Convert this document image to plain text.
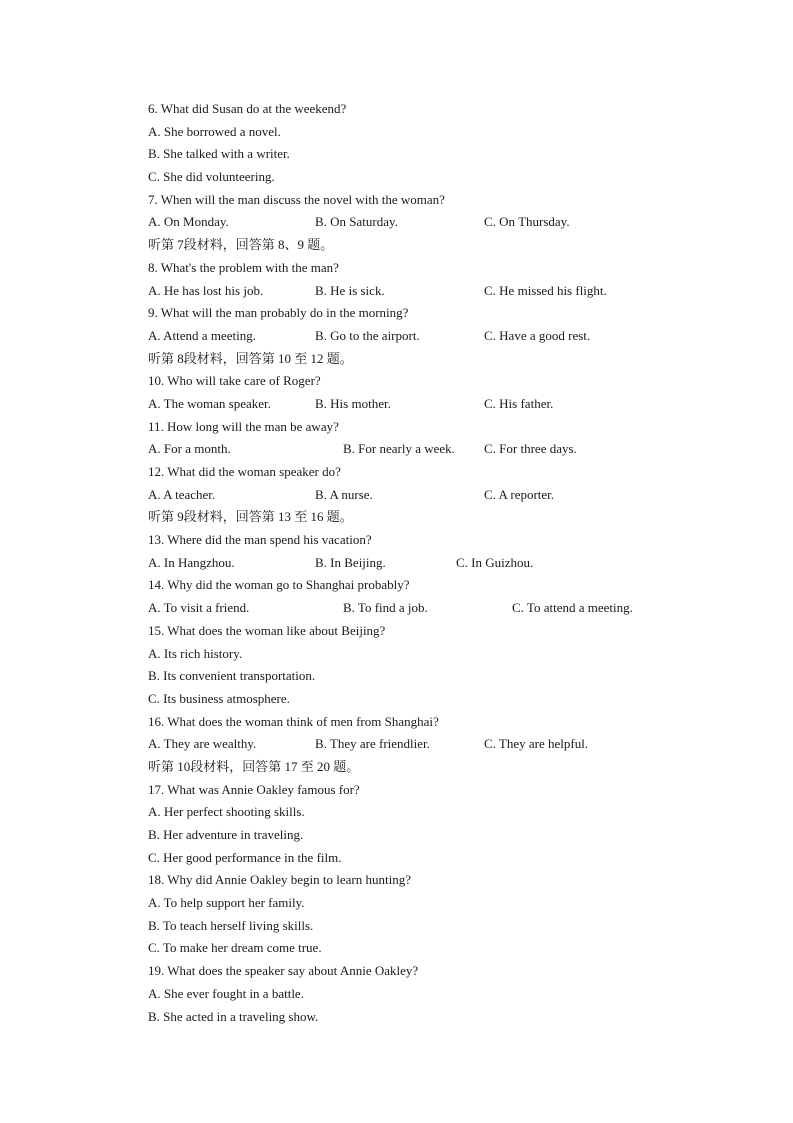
6. What did Susan do at the weekend?
A. She borrowed a novel.
B. She talked with a writer.
C. She did volunteering.
7. When will the man discuss the novel with the woman?
A. On Monday.	B. On Saturday.	C. On Thursday.
听第 7段材料，回答第 8、9 题。
8. What's the problem with the man?
A. He has lost his job.	B. He is sick.	C. He missed his flight.
9. What will the man probably do in the morning?
A. Attend a meeting.	B. Go to the airport.	C. Have a good rest.
听第 8段材料，回答第 10 至 12 题。
10. Who will take care of Roger?
A. The woman speaker.	B. His mother.	C. His father.
11. How long will the man be away?
A. For a month.	B. For nearly a week. C. For three days.
12. What did the woman speaker do?
A. A teacher.	B. A nurse.	C. A reporter.
听第 9段材料，回答第 13 至 16 题。
13. Where did the man spend his vacation?
A. In Hangzhou.	B. In Beijing.	C. In Guizhou.
14. Why did the woman go to Shanghai probably?
A. To visit a friend.	B. To find a job.	C. To attend a meeting.
15. What does the woman like about Beijing?
A. Its rich history.
B. Its convenient transportation.
C. Its business atmosphere.
16. What does the woman think of men from Shanghai?
A. They are wealthy.	B. They are friendlier.	C. They are helpful.
听第 10段材料，回答第 17 至 20 题。
17. What was Annie Oakley famous for?
A. Her perfect shooting skills.
B. Her adventure in traveling.
C. Her good performance in the film.
18. Why did Annie Oakley begin to learn hunting?
A. To help support her family.
B. To teach herself living skills.
C. To make her dream come true.
19. What does the speaker say about Annie Oakley?
A. She ever fought in a battle.
B. She acted in a traveling show.
